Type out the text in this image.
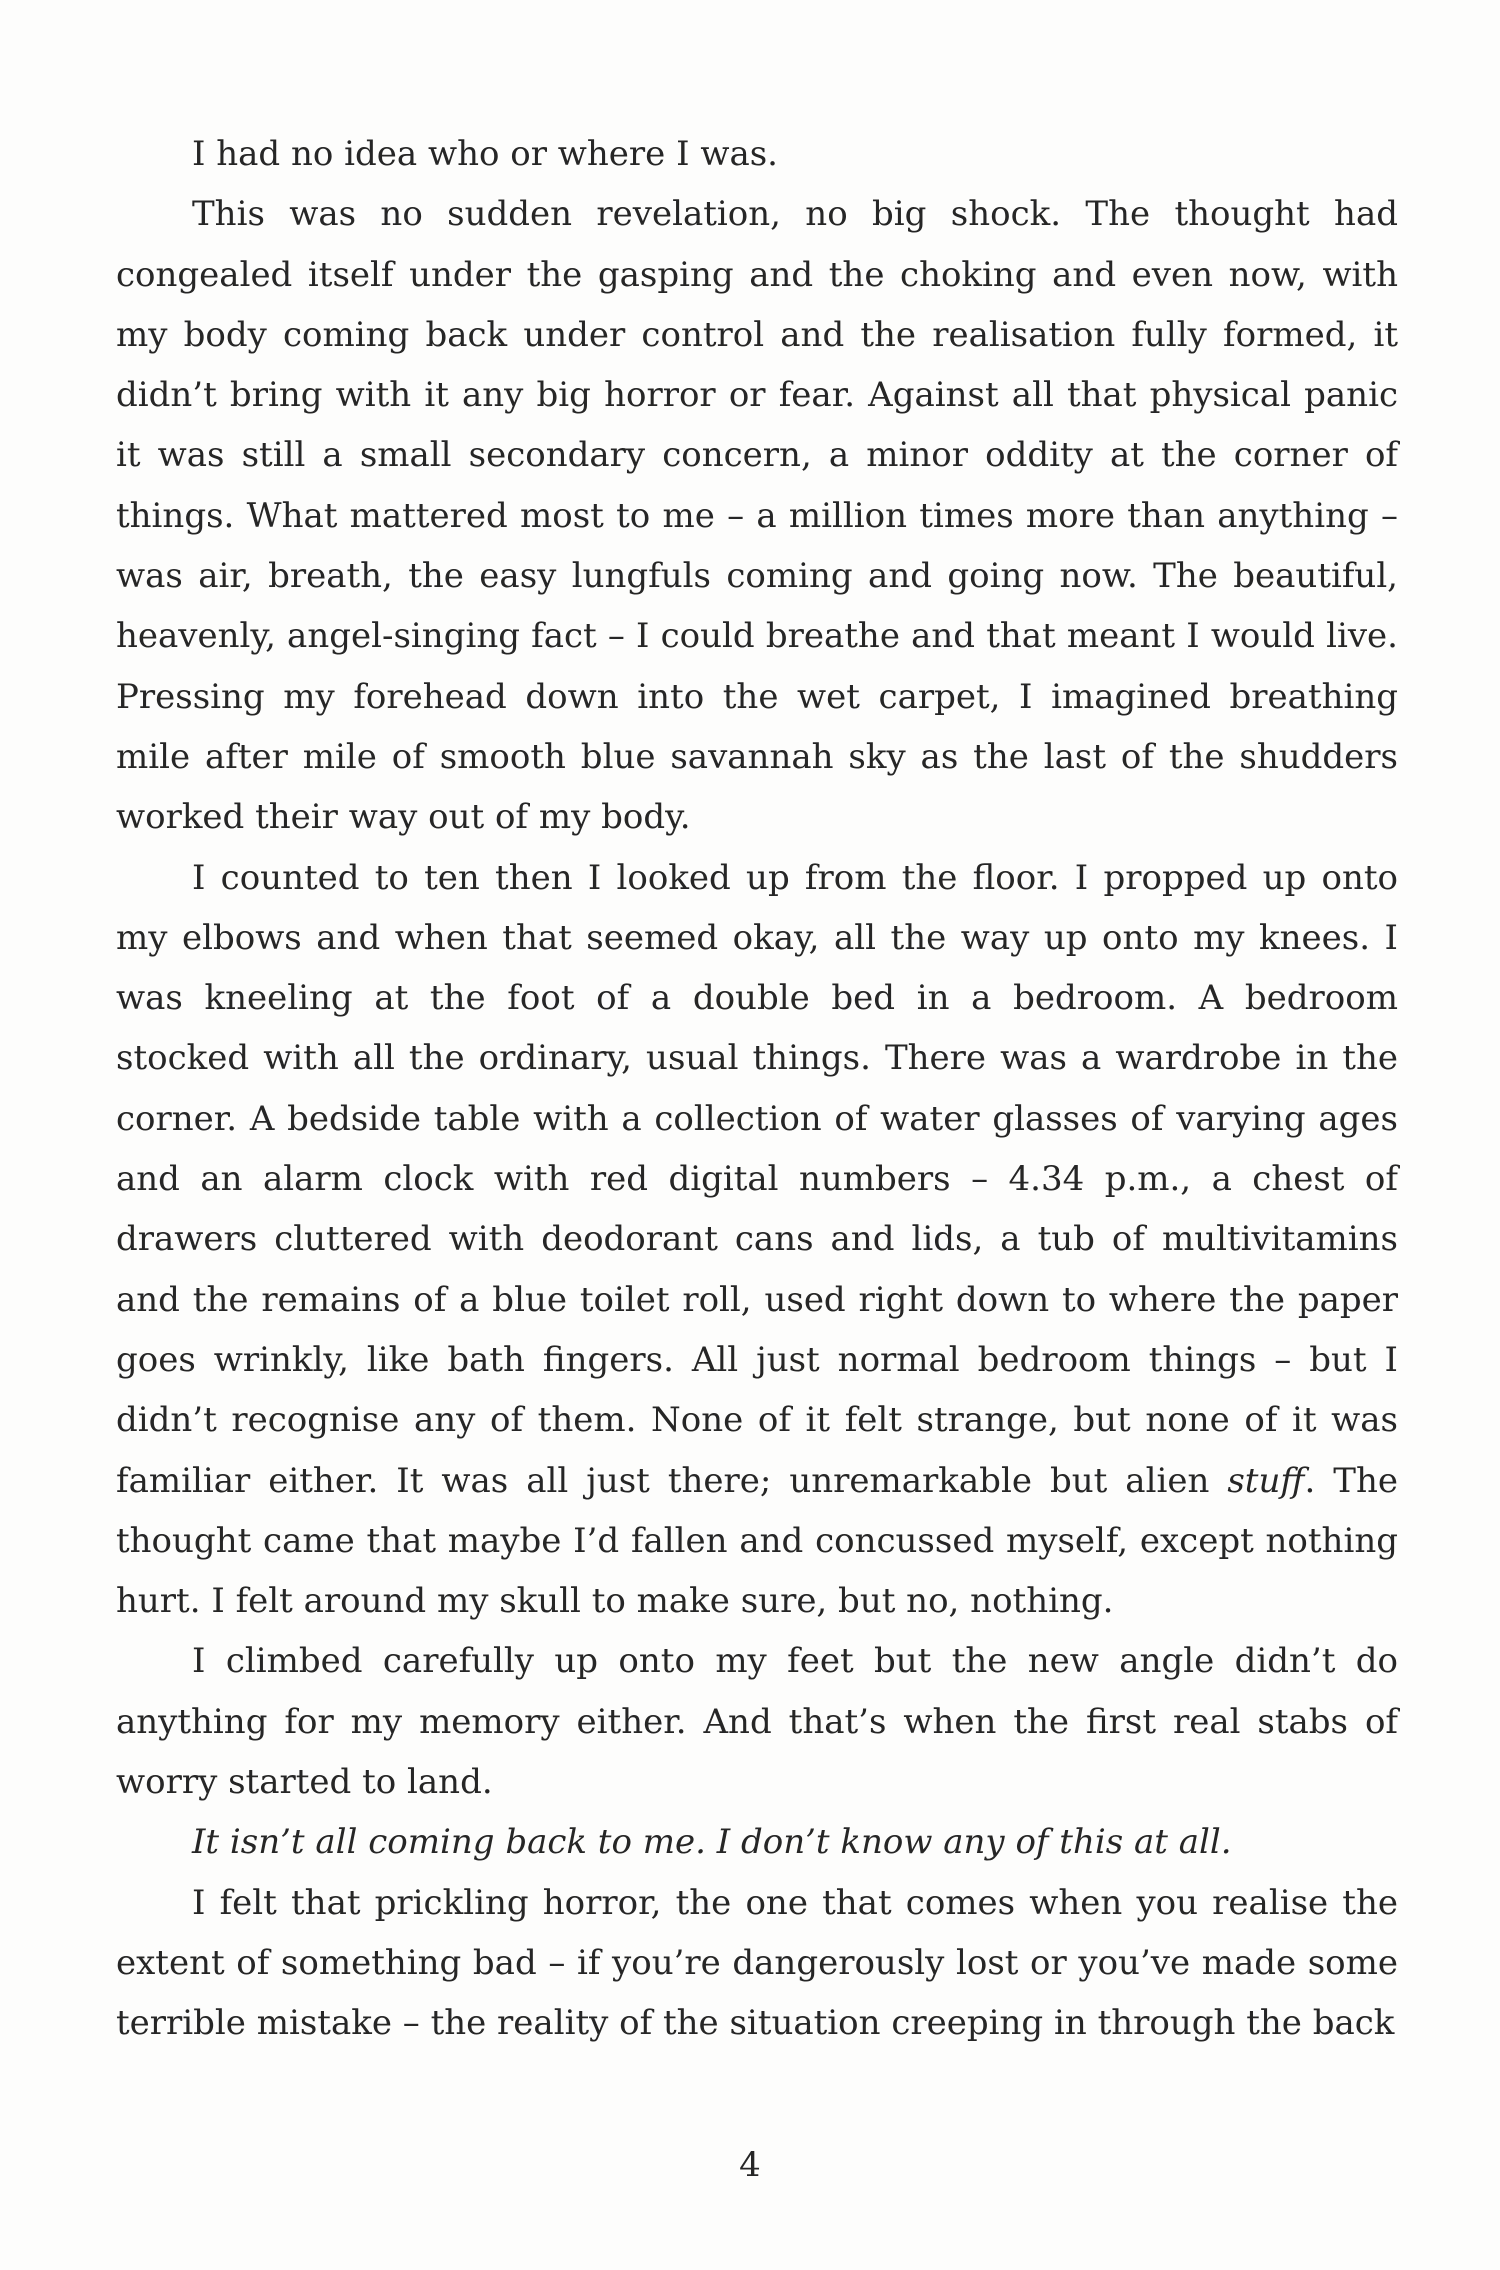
I had no idea who or where I was.

This was no sudden revelation, no big shock. The thought had congealed itself under the gasping and the choking and even now, with my body coming back under control and the realisation fully formed, it didn’t bring with it any big horror or fear. Against all that physical panic it was still a small secondary concern, a minor oddity at the corner of things. What mattered most to me – a million times more than anything – was air, breath, the easy lungfuls coming and going now. The beautiful, heavenly, angel-singing fact – I could breathe and that meant I would live. Pressing my forehead down into the wet carpet, I imagined breathing mile after mile of smooth blue savannah sky as the last of the shudders worked their way out of my body.

I counted to ten then I looked up from the floor. I propped up onto my elbows and when that seemed okay, all the way up onto my knees. I was kneeling at the foot of a double bed in a bedroom. A bedroom stocked with all the ordinary, usual things. There was a wardrobe in the corner. A bedside table with a collection of water glasses of varying ages and an alarm clock with red digital numbers – 4.34 p.m., a chest of drawers cluttered with deodorant cans and lids, a tub of multivitamins and the remains of a blue toilet roll, used right down to where the paper goes wrinkly, like bath fingers. All just normal bedroom things – but I didn’t recognise any of them. None of it felt strange, but none of it was familiar either. It was all just there; unremarkable but alien stuff. The thought came that maybe I’d fallen and concussed myself, except nothing hurt. I felt around my skull to make sure, but no, nothing.

I climbed carefully up onto my feet but the new angle didn’t do anything for my memory either. And that’s when the first real stabs of worry started to land.

It isn’t all coming back to me. I don’t know any of this at all.

I felt that prickling horror, the one that comes when you realise the extent of something bad – if you’re dangerously lost or you’ve made some terrible mistake – the reality of the situation creeping in through the back

4
